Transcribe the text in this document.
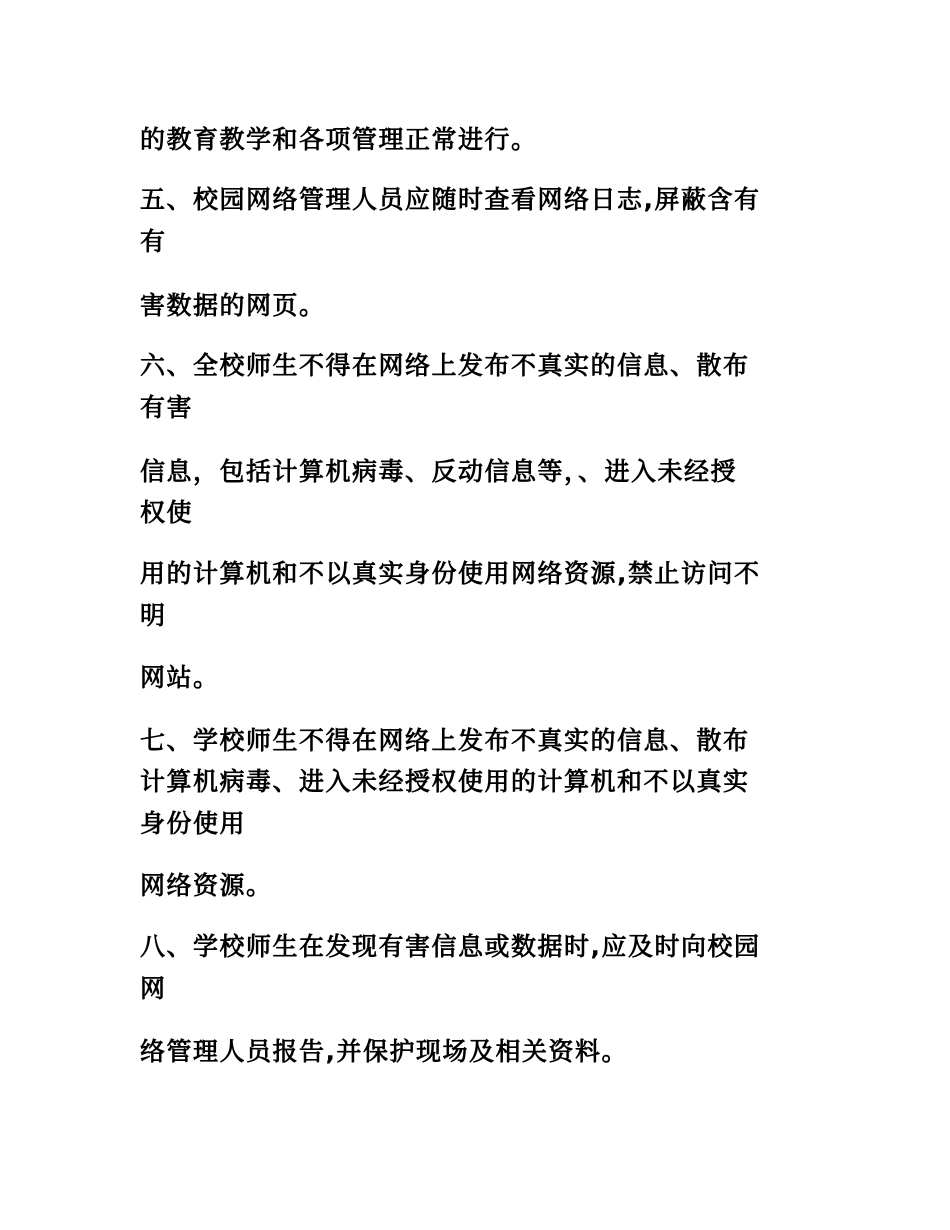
的教育教学和各项管理正常进行。
五、校园网络管理人员应随时查看网络日志,屏蔽含有
有
害数据的网页。
六、全校师生不得在网络上发布不真实的信息、散布
有害
信息，包括计算机病毒、反动信息等，、进入未经授
权使
用的计算机和不以真实身份使用网络资源,禁止访问不
明
网站。
七、学校师生不得在网络上发布不真实的信息、散布
计算机病毒、进入未经授权使用的计算机和不以真实
身份使用
网络资源。
八、学校师生在发现有害信息或数据时,应及时向校园
网
络管理人员报告,并保护现场及相关资料。
